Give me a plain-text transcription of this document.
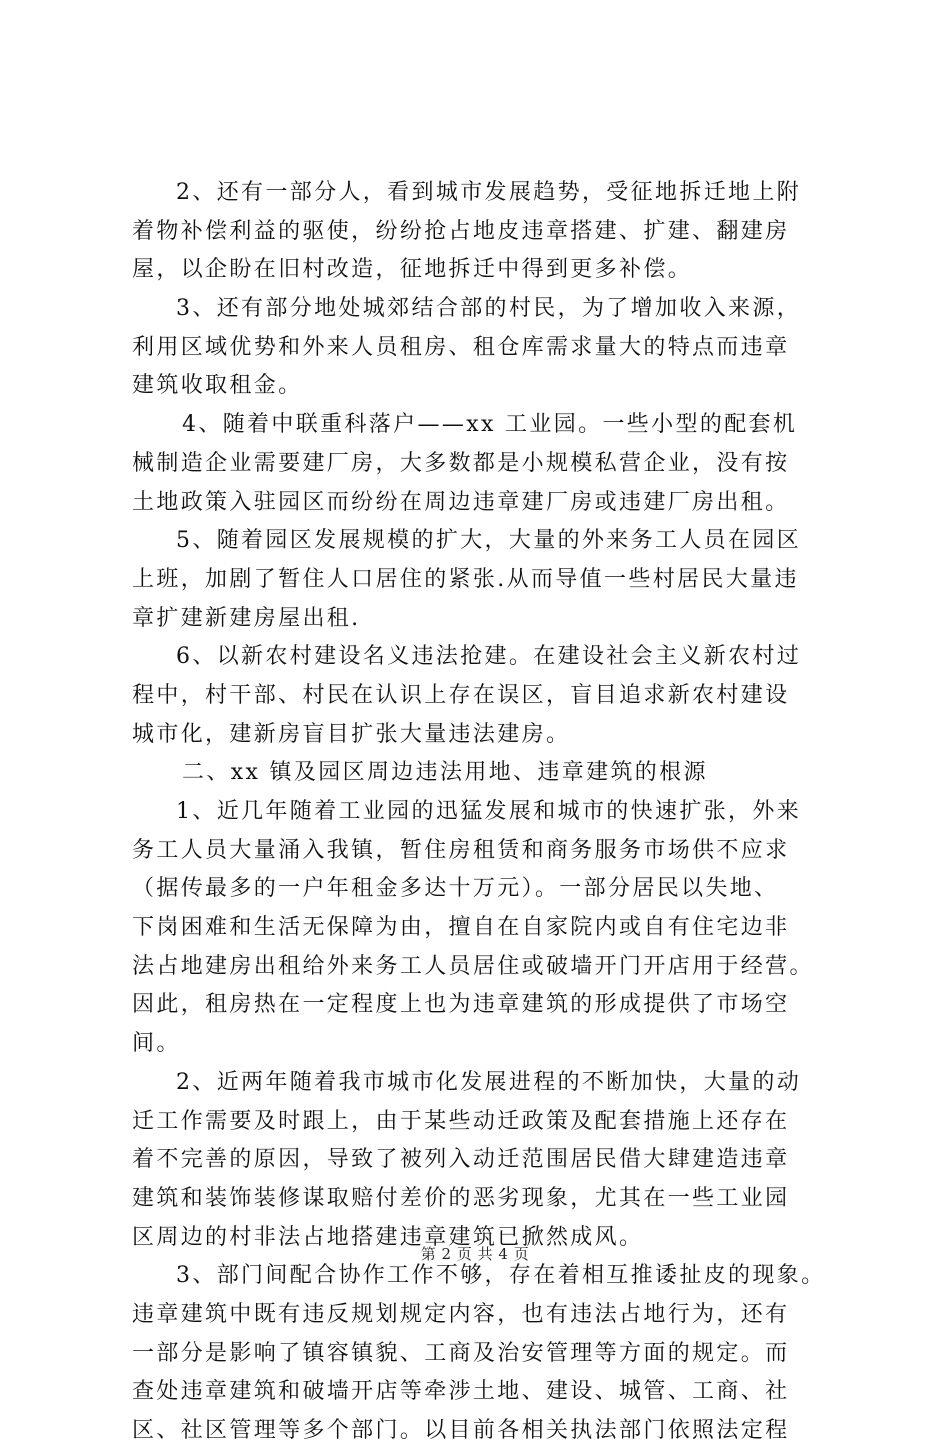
2、还有一部分人，看到城市发展趋势，受征地拆迁地上附
着物补偿利益的驱使，纷纷抢占地皮违章搭建、扩建、翻建房
屋，以企盼在旧村改造，征地拆迁中得到更多补偿。
3、还有部分地处城郊结合部的村民，为了增加收入来源，
利用区域优势和外来人员租房、租仓库需求量大的特点而违章
建筑收取租金。
4、随着中联重科落户——xx 工业园。一些小型的配套机
械制造企业需要建厂房，大多数都是小规模私营企业，没有按
土地政策入驻园区而纷纷在周边违章建厂房或违建厂房出租。
5、随着园区发展规模的扩大，大量的外来务工人员在园区
上班，加剧了暂住人口居住的紧张.从而导值一些村居民大量违
章扩建新建房屋出租.
6、以新农村建设名义违法抢建。在建设社会主义新农村过
程中，村干部、村民在认识上存在误区，盲目追求新农村建设
城市化，建新房盲目扩张大量违法建房。
二、xx 镇及园区周边违法用地、违章建筑的根源
1、近几年随着工业园的迅猛发展和城市的快速扩张，外来
务工人员大量涌入我镇，暂住房租赁和商务服务市场供不应求
（据传最多的一户年租金多达十万元）。一部分居民以失地、
下岗困难和生活无保障为由，擅自在自家院内或自有住宅边非
法占地建房出租给外来务工人员居住或破墙开门开店用于经营。
因此，租房热在一定程度上也为违章建筑的形成提供了市场空
间。
2、近两年随着我市城市化发展进程的不断加快，大量的动
迁工作需要及时跟上，由于某些动迁政策及配套措施上还存在
着不完善的原因，导致了被列入动迁范围居民借大肆建造违章
建筑和装饰装修谋取赔付差价的恶劣现象，尤其在一些工业园
区周边的村非法占地搭建违章建筑已掀然成风。
3、部门间配合协作工作不够，存在着相互推诿扯皮的现象。
违章建筑中既有违反规划规定内容，也有违法占地行为，还有
一部分是影响了镇容镇貌、工商及治安管理等方面的规定。而
查处违章建筑和破墙开店等牵涉土地、建设、城管、工商、社
区、社区管理等多个部门。以目前各相关执法部门依照法定程
第 2 页 共 4 页
